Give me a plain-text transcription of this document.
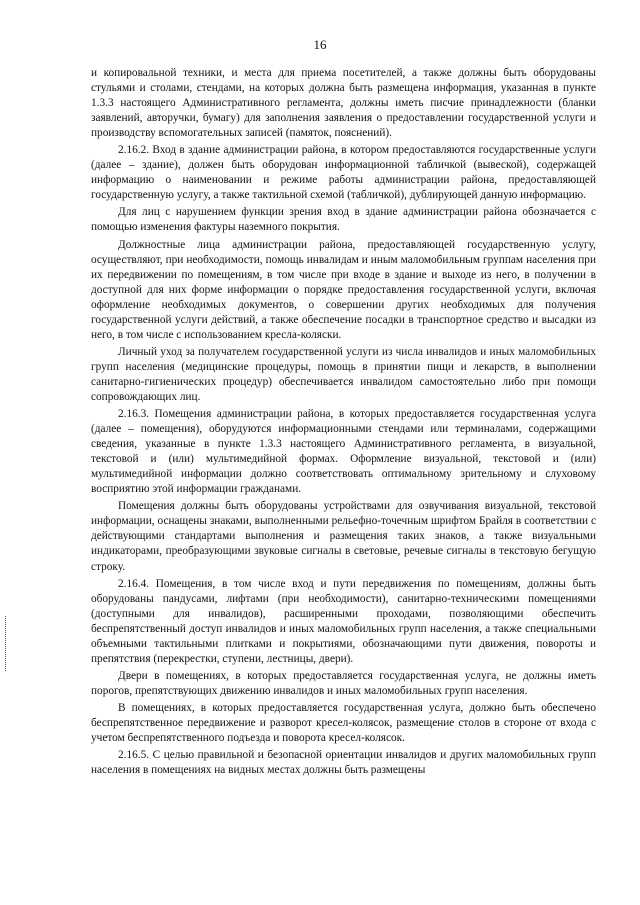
16

и копировальной техники, и места для приема посетителей, а также должны быть оборудованы стульями и столами, стендами, на которых должна быть размещена информация, указанная в пункте 1.3.3 настоящего Административного регламента, должны иметь писчие принадлежности (бланки заявлений, авторучки, бумагу) для заполнения заявления о предоставлении государственной услуги и производству вспомогательных записей (памяток, пояснений).

2.16.2. Вход в здание администрации района, в котором предоставляются государственные услуги (далее – здание), должен быть оборудован информационной табличкой (вывеской), содержащей информацию о наименовании и режиме работы администрации района, предоставляющей государственную услугу, а также тактильной схемой (табличкой), дублирующей данную информацию.

Для лиц с нарушением функции зрения вход в здание администрации района обозначается с помощью изменения фактуры наземного покрытия.

Должностные лица администрации района, предоставляющей государственную услугу, осуществляют, при необходимости, помощь инвалидам и иным маломобильным группам населения при их передвижении по помещениям, в том числе при входе в здание и выходе из него, в получении в доступной для них форме информации о порядке предоставления государственной услуги, включая оформление необходимых документов, о совершении других необходимых для получения государственной услуги действий, а также обеспечение посадки в транспортное средство и высадки из него, в том числе с использованием кресла-коляски.

Личный уход за получателем государственной услуги из числа инвалидов и иных маломобильных групп населения (медицинские процедуры, помощь в принятии пищи и лекарств, в выполнении санитарно-гигиенических процедур) обеспечивается инвалидом самостоятельно либо при помощи сопровождающих лиц.

2.16.3. Помещения администрации района, в которых предоставляется государственная услуга (далее – помещения), оборудуются информационными стендами или терминалами, содержащими сведения, указанные в пункте 1.3.3 настоящего Административного регламента, в визуальной, текстовой и (или) мультимедийной формах. Оформление визуальной, текстовой и (или) мультимедийной информации должно соответствовать оптимальному зрительному и слуховому восприятию этой информации гражданами.

Помещения должны быть оборудованы устройствами для озвучивания визуальной, текстовой информации, оснащены знаками, выполненными рельефно-точечным шрифтом Брайля в соответствии с действующими стандартами выполнения и размещения таких знаков, а также визуальными индикаторами, преобразующими звуковые сигналы в световые, речевые сигналы в текстовую бегущую строку.

2.16.4. Помещения, в том числе вход и пути передвижения по помещениям, должны быть оборудованы пандусами, лифтами (при необходимости), санитарно-техническими помещениями (доступными для инвалидов), расширенными проходами, позволяющими обеспечить беспрепятственный доступ инвалидов и иных маломобильных групп населения, а также специальными объемными тактильными плитками и покрытиями, обозначающими пути движения, повороты и препятствия (перекрестки, ступени, лестницы, двери).

Двери в помещениях, в которых предоставляется государственная услуга, не должны иметь порогов, препятствующих движению инвалидов и иных маломобильных групп населения.

В помещениях, в которых предоставляется государственная услуга, должно быть обеспечено беспрепятственное передвижение и разворот кресел-колясок, размещение столов в стороне от входа с учетом беспрепятственного подъезда и поворота кресел-колясок.

2.16.5. С целью правильной и безопасной ориентации инвалидов и других маломобильных групп населения в помещениях на видных местах должны быть размещены
